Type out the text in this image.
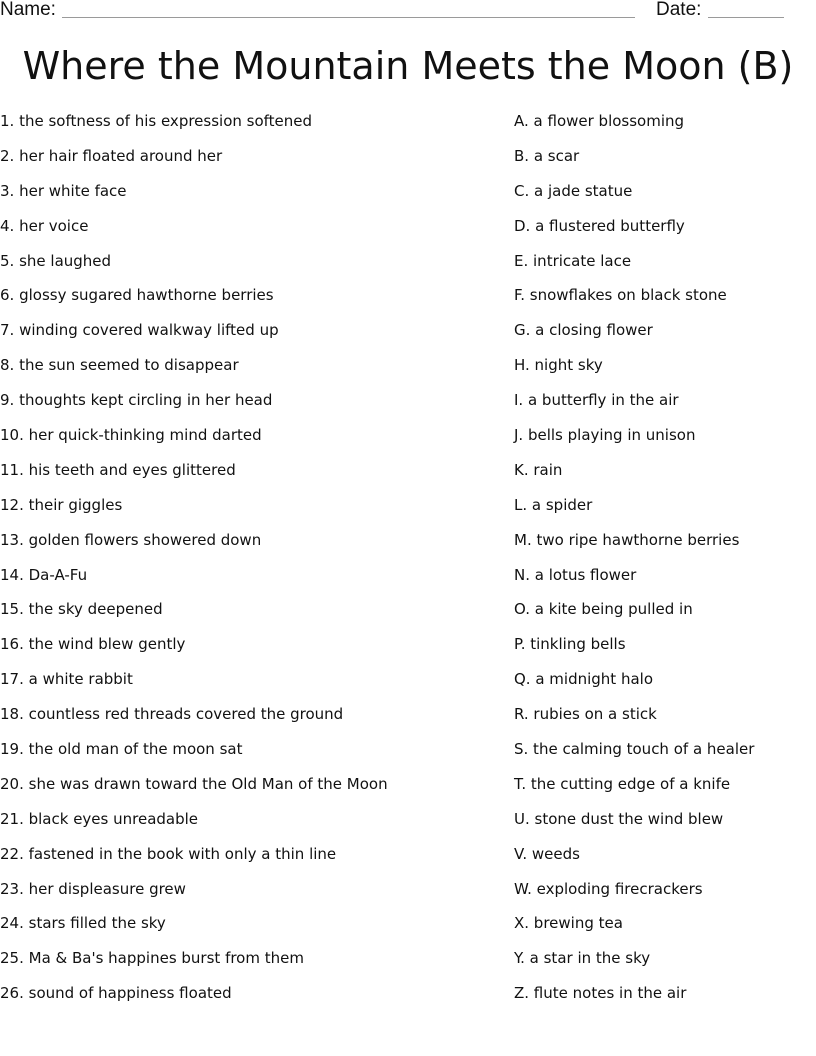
Name:	Date:
Where the Mountain Meets the Moon (B)
1. the softness of his expression softened
2. her hair floated around her
3. her white face
4. her voice
5. she laughed
6. glossy sugared hawthorne berries
7. winding covered walkway lifted up
8. the sun seemed to disappear
9. thoughts kept circling in her head
10. her quick-thinking mind darted
11. his teeth and eyes glittered
12. their giggles
13. golden flowers showered down
14. Da-A-Fu
15. the sky deepened
16. the wind blew gently
17. a white rabbit
18. countless red threads covered the ground
19. the old man of the moon sat
20. she was drawn toward the Old Man of the Moon
21. black eyes unreadable
22. fastened in the book with only a thin line
23. her displeasure grew
24. stars filled the sky
25. Ma & Ba's happines burst from them
26. sound of happiness floated
A. a flower blossoming
B. a scar
C. a jade statue
D. a flustered butterfly
E. intricate lace
F. snowflakes on black stone
G. a closing flower
H. night sky
I. a butterfly in the air
J. bells playing in unison
K. rain
L. a spider
M. two ripe hawthorne berries
N. a lotus flower
O. a kite being pulled in
P. tinkling bells
Q. a midnight halo
R. rubies on a stick
S. the calming touch of a healer
T. the cutting edge of a knife
U. stone dust the wind blew
V. weeds
W. exploding firecrackers
X. brewing tea
Y. a star in the sky
Z. flute notes in the air
